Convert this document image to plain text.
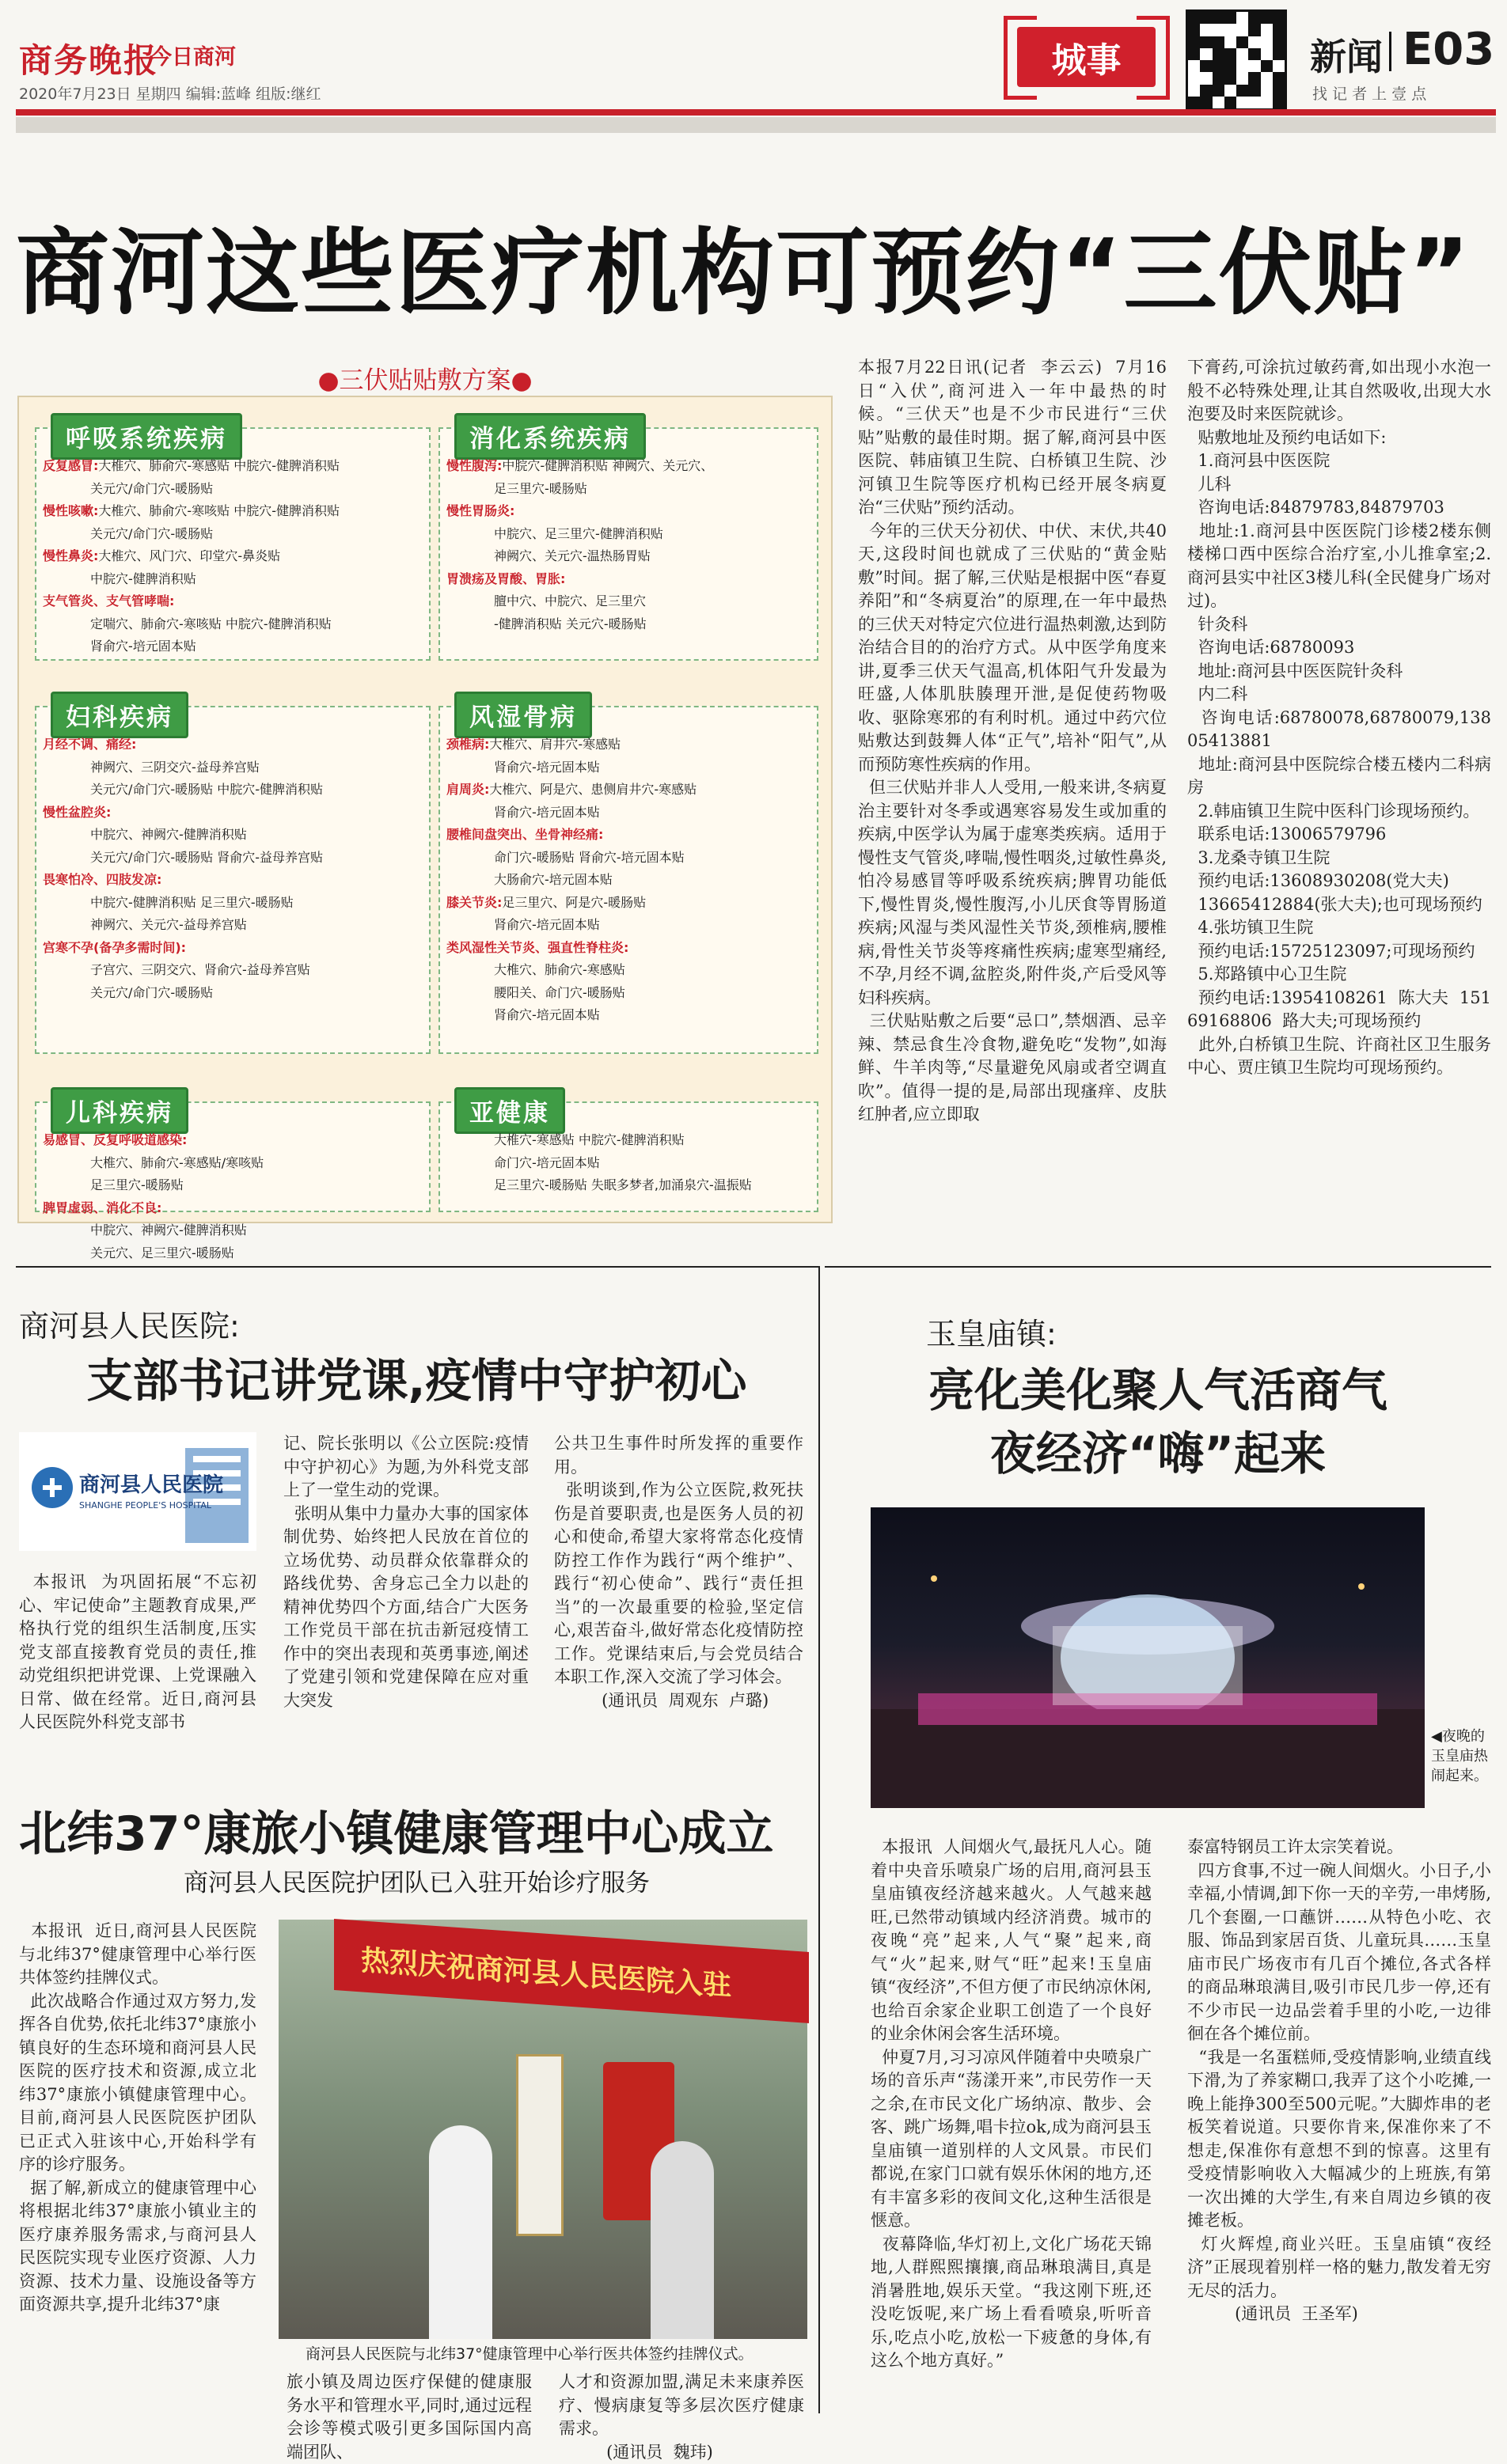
商务晚报
今日商河
2020年7月23日 星期四 编辑:蓝峰 组版:继红
城事	新闻 E03
找 记 者 上 壹 点
商河这些医疗机构可预约“三伏贴”
●三伏贴贴敷方案●
呼吸系统疾病
反复感冒:大椎穴、肺俞穴-寒感贴 中脘穴-健脾消积贴
关元穴/命门穴-暖肠贴
慢性咳嗽:大椎穴、肺俞穴-寒咳贴 中脘穴-健脾消积贴
关元穴/命门穴-暖肠贴
慢性鼻炎:大椎穴、风门穴、印堂穴-鼻炎贴
中脘穴-健脾消积贴
支气管炎、支气管哮喘:
定喘穴、肺俞穴-寒咳贴 中脘穴-健脾消积贴
肾俞穴-培元固本贴
消化系统疾病
慢性腹泻:中脘穴-健脾消积贴 神阙穴、关元穴、
足三里穴-暖肠贴
慢性胃肠炎:
中脘穴、足三里穴-健脾消积贴
神阙穴、关元穴-温热肠胃贴
胃溃疡及胃酸、胃胀:
膻中穴、中脘穴、足三里穴
-健脾消积贴 关元穴-暖肠贴
妇科疾病
月经不调、痛经:
神阙穴、三阴交穴-益母养宫贴
关元穴/命门穴-暖肠贴 中脘穴-健脾消积贴
慢性盆腔炎:
中脘穴、神阙穴-健脾消积贴
关元穴/命门穴-暖肠贴 肾俞穴-益母养宫贴
畏寒怕冷、四肢发凉:
中脘穴-健脾消积贴 足三里穴-暖肠贴
神阙穴、关元穴-益母养宫贴
宫寒不孕(备孕多需时间):
子宫穴、三阴交穴、肾俞穴-益母养宫贴
关元穴/命门穴-暖肠贴
风湿骨病
颈椎病:大椎穴、肩井穴-寒感贴
肾俞穴-培元固本贴
肩周炎:大椎穴、阿是穴、患侧肩井穴-寒感贴
肾俞穴-培元固本贴
腰椎间盘突出、坐骨神经痛:
命门穴-暖肠贴 肾俞穴-培元固本贴
大肠俞穴-培元固本贴
膝关节炎:足三里穴、阿是穴-暖肠贴
肾俞穴-培元固本贴
类风湿性关节炎、强直性脊柱炎:
大椎穴、肺俞穴-寒感贴
腰阳关、命门穴-暖肠贴
肾俞穴-培元固本贴
儿科疾病
易感冒、反复呼吸道感染:
大椎穴、肺俞穴-寒感贴/寒咳贴
足三里穴-暖肠贴
脾胃虚弱、消化不良:
中脘穴、神阙穴-健脾消积贴
关元穴、足三里穴-暖肠贴
亚健康
大椎穴-寒感贴 中脘穴-健脾消积贴
命门穴-培元固本贴
足三里穴-暖肠贴 失眠多梦者,加涌泉穴-温振贴
本报7月22日讯(记者  李云云)  7月16日“入伏”,商河进入一年中最热的时候。“三伏天”也是不少市民进行“三伏贴”贴敷的最佳时期。据了解,商河县中医医院、韩庙镇卫生院、白桥镇卫生院、沙河镇卫生院等医疗机构已经开展冬病夏治“三伏贴”预约活动。
今年的三伏天分初伏、中伏、末伏,共40天,这段时间也就成了三伏贴的“黄金贴敷”时间。据了解,三伏贴是根据中医“春夏养阳”和“冬病夏治”的原理,在一年中最热的三伏天对特定穴位进行温热刺激,达到防治结合目的的治疗方式。从中医学角度来讲,夏季三伏天气温高,机体阳气升发最为旺盛,人体肌肤腠理开泄,是促使药物吸收、驱除寒邪的有利时机。通过中药穴位贴敷达到鼓舞人体“正气”,培补“阳气”,从而预防寒性疾病的作用。
但三伏贴并非人人受用,一般来讲,冬病夏治主要针对冬季或遇寒容易发生或加重的疾病,中医学认为属于虚寒类疾病。适用于慢性支气管炎,哮喘,慢性咽炎,过敏性鼻炎,怕冷易感冒等呼吸系统疾病;脾胃功能低下,慢性胃炎,慢性腹泻,小儿厌食等胃肠道疾病;风湿与类风湿性关节炎,颈椎病,腰椎病,骨性关节炎等疼痛性疾病;虚寒型痛经,不孕,月经不调,盆腔炎,附件炎,产后受风等妇科疾病。
三伏贴贴敷之后要“忌口”,禁烟酒、忌辛辣、禁忌食生冷食物,避免吃“发物”,如海鲜、牛羊肉等,“尽量避免风扇或者空调直吹”。值得一提的是,局部出现瘙痒、皮肤红肿者,应立即取
下膏药,可涂抗过敏药膏,如出现小水泡一般不必特殊处理,让其自然吸收,出现大水泡要及时来医院就诊。
贴敷地址及预约电话如下:
1.商河县中医医院
儿科
咨询电话:84879783,84879703
地址:1.商河县中医医院门诊楼2楼东侧楼梯口西中医综合治疗室,小儿推拿室;2.商河县实中社区3楼儿科(全民健身广场对过)。
针灸科
咨询电话:68780093
地址:商河县中医医院针灸科
内二科
咨询电话:68780078,68780079,13805413881
地址:商河县中医院综合楼五楼内二科病房
2.韩庙镇卫生院中医科门诊现场预约。
联系电话:13006579796
3.龙桑寺镇卫生院
预约电话:13608930208(党大夫)
13665412884(张大夫);也可现场预约
4.张坊镇卫生院
预约电话:15725123097;可现场预约
5.郑路镇中心卫生院
预约电话:13954108261  陈大夫  15169168806  路大夫;可现场预约
此外,白桥镇卫生院、许商社区卫生服务中心、贾庄镇卫生院均可现场预约。
商河县人民医院:
支部书记讲党课,疫情中守护初心
商河县人民医院
SHANGHE PEOPLE'S HOSPITAL
本报讯  为巩固拓展“不忘初心、牢记使命”主题教育成果,严格执行党的组织生活制度,压实党支部直接教育党员的责任,推动党组织把讲党课、上党课融入日常、做在经常。近日,商河县人民医院外科党支部书
记、院长张明以《公立医院:疫情中守护初心》为题,为外科党支部上了一堂生动的党课。
张明从集中力量办大事的国家体制优势、始终把人民放在首位的立场优势、动员群众依靠群众的路线优势、舍身忘己全力以赴的精神优势四个方面,结合广大医务工作党员干部在抗击新冠疫情工作中的突出表现和英勇事迹,阐述了党建引领和党建保障在应对重大突发
公共卫生事件时所发挥的重要作用。
张明谈到,作为公立医院,救死扶伤是首要职责,也是医务人员的初心和使命,希望大家将常态化疫情防控工作作为践行“两个维护”、践行“初心使命”、践行“责任担当”的一次最重要的检验,坚定信心,艰苦奋斗,做好常态化疫情防控工作。党课结束后,与会党员结合本职工作,深入交流了学习体会。
(通讯员  周观东  卢璐)
北纬37°康旅小镇健康管理中心成立
商河县人民医院护团队已入驻开始诊疗服务
本报讯  近日,商河县人民医院与北纬37°健康管理中心举行医共体签约挂牌仪式。
此次战略合作通过双方努力,发挥各自优势,依托北纬37°康旅小镇良好的生态环境和商河县人民医院的医疗技术和资源,成立北纬37°康旅小镇健康管理中心。目前,商河县人民医院医护团队已正式入驻该中心,开始科学有序的诊疗服务。
据了解,新成立的健康管理中心将根据北纬37°康旅小镇业主的医疗康养服务需求,与商河县人民医院实现专业医疗资源、人力资源、技术力量、设施设备等方面资源共享,提升北纬37°康
热烈庆祝商河县人民医院入驻
商河县人民医院与北纬37°健康管理中心举行医共体签约挂牌仪式。
旅小镇及周边医疗保健的健康服务水平和管理水平,同时,通过远程会诊等模式吸引更多国际国内高端团队、
人才和资源加盟,满足未来康养医疗、慢病康复等多层次医疗健康需求。
(通讯员  魏玮)
玉皇庙镇:
亮化美化聚人气活商气
夜经济“嗨”起来
◀夜晚的玉皇庙热闹起来。
本报讯  人间烟火气,最抚凡人心。随着中央音乐喷泉广场的启用,商河县玉皇庙镇夜经济越来越火。人气越来越旺,已然带动镇域内经济消费。城市的夜晚“亮”起来,人气“聚”起来,商气“火”起来,财气“旺”起来!玉皇庙镇“夜经济”,不但方便了市民纳凉休闲,也给百余家企业职工创造了一个良好的业余休闲会客生活环境。
仲夏7月,习习凉风伴随着中央喷泉广场的音乐声“荡漾开来”,市民劳作一天之余,在市民文化广场纳凉、散步、会客、跳广场舞,唱卡拉ok,成为商河县玉皇庙镇一道别样的人文风景。市民们都说,在家门口就有娱乐休闲的地方,还有丰富多彩的夜间文化,这种生活很是惬意。
夜幕降临,华灯初上,文化广场花天锦地,人群熙熙攘攘,商品琳琅满目,真是消暑胜地,娱乐天堂。“我这刚下班,还没吃饭呢,来广场上看看喷泉,听听音乐,吃点小吃,放松一下疲惫的身体,有这么个地方真好。”
泰富特钢员工许太宗笑着说。
四方食事,不过一碗人间烟火。小日子,小幸福,小情调,卸下你一天的辛劳,一串烤肠,几个套圈,一口蘸饼……从特色小吃、衣服、饰品到家居百货、儿童玩具……玉皇庙市民广场夜市有几百个摊位,各式各样的商品琳琅满目,吸引市民几步一停,还有不少市民一边品尝着手里的小吃,一边徘徊在各个摊位前。
“我是一名蛋糕师,受疫情影响,业绩直线下滑,为了养家糊口,我弄了这个小吃摊,一晚上能挣300至500元呢。”大脚炸串的老板笑着说道。只要你肯来,保准你来了不想走,保准你有意想不到的惊喜。这里有受疫情影响收入大幅减少的上班族,有第一次出摊的大学生,有来自周边乡镇的夜摊老板。
灯火辉煌,商业兴旺。玉皇庙镇“夜经济”正展现着别样一格的魅力,散发着无穷无尽的活力。
(通讯员  王圣军)
